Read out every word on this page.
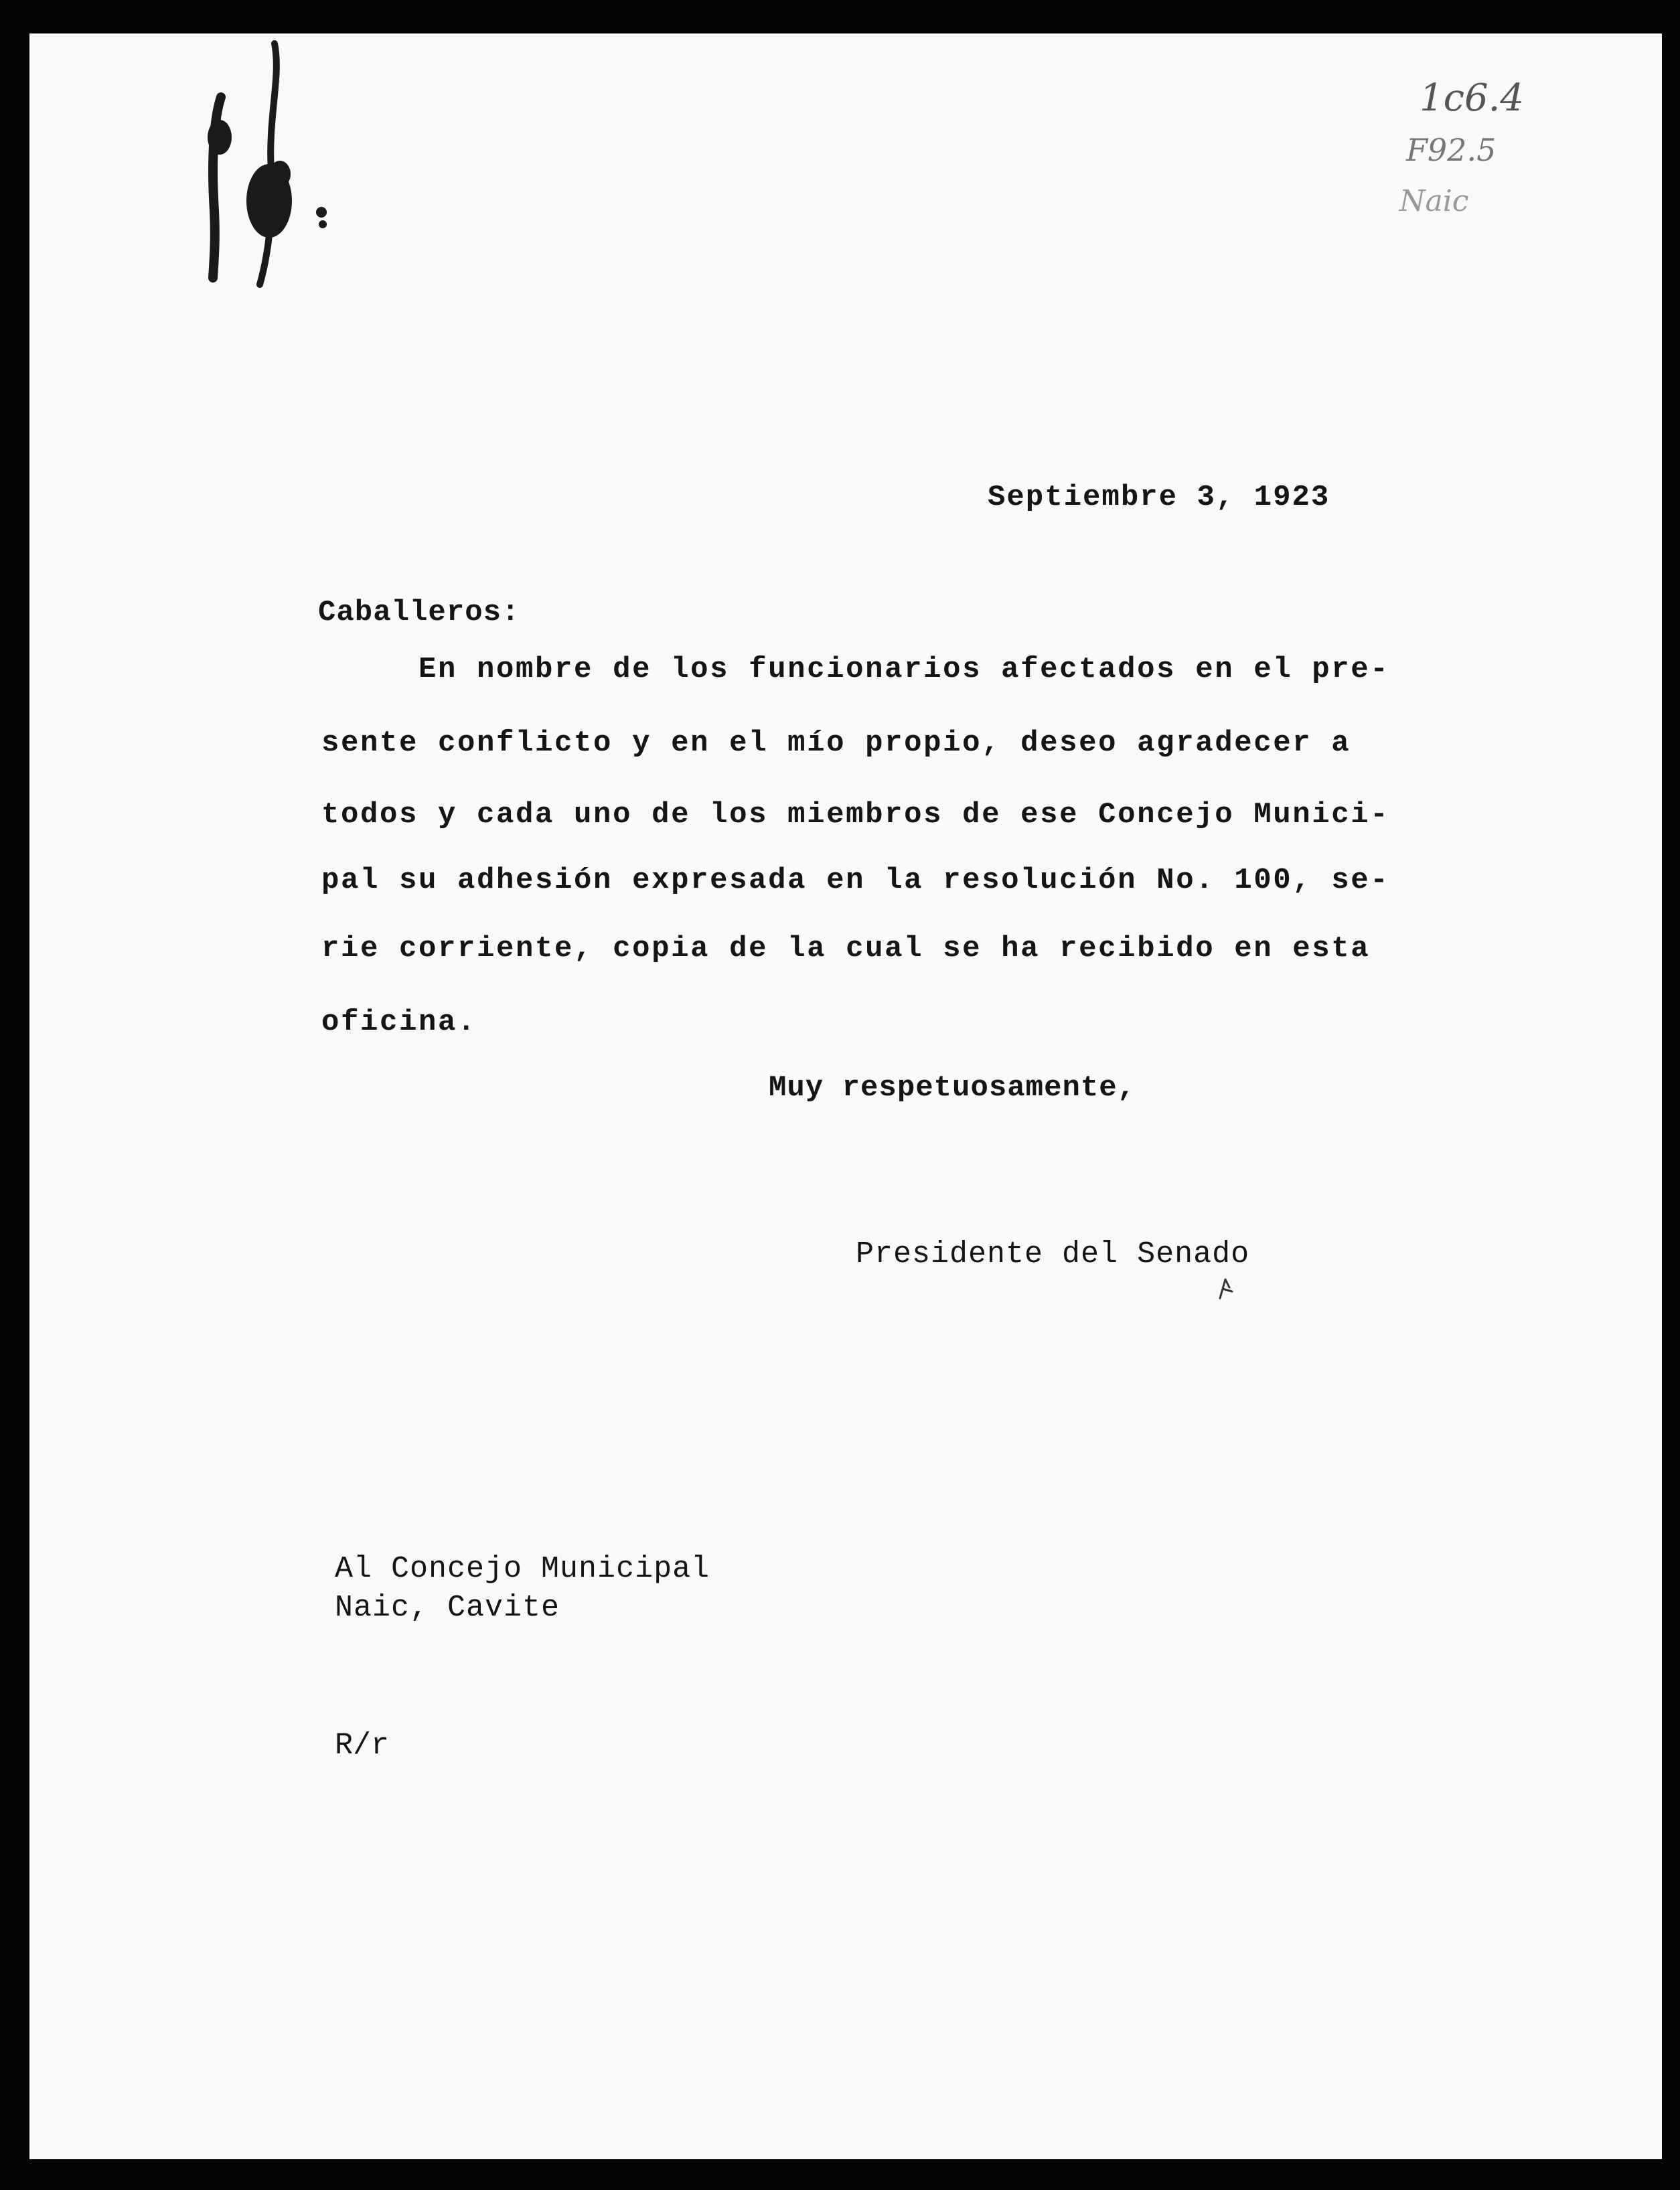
1c6.4
F92.5
Naic

Septiembre 3, 1923

Caballeros:

En nombre de los funcionarios afectados en el pre-

sente conflicto y en el mío propio, deseo agradecer a

todos y cada uno de los miembros de ese Concejo Munici-

pal su adhesión expresada en la resolución No. 100, se-

rie corriente, copia de la cual se ha recibido en esta

oficina.

Muy respetuosamente,

Presidente del Senado

Al Concejo Municipal

Naic, Cavite

R/r
